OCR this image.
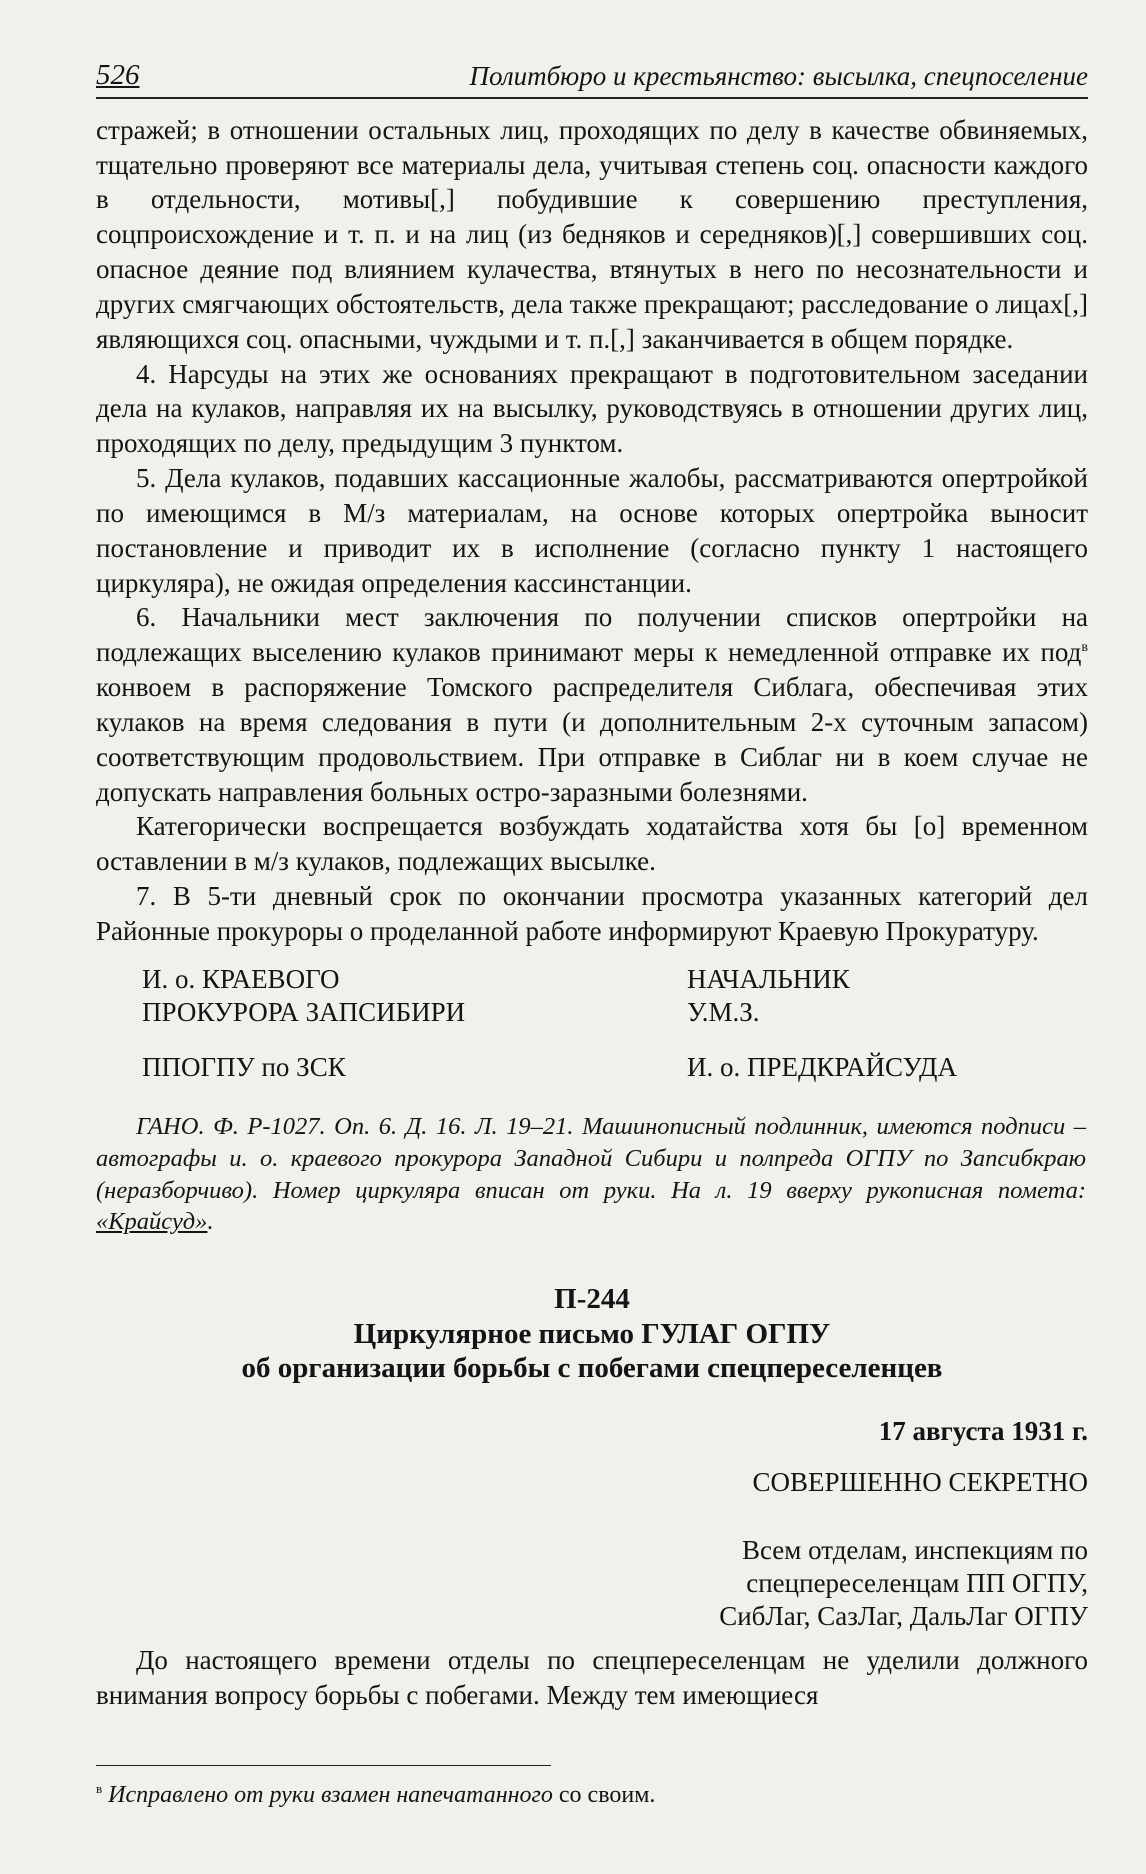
526	Политбюро и крестьянство: высылка, спецпоселение

стражей; в отношении остальных лиц, проходящих по делу в качестве обвиняемых, тщательно проверяют все материалы дела, учитывая степень соц. опасности каждого в отдельности, мотивы[,] побудившие к совершению преступления, соцпроисхождение и т. п. и на лиц (из бедняков и середняков)[,] совершивших соц. опасное деяние под влиянием кулачества, втянутых в него по несознательности и других смягчающих обстоятельств, дела также прекращают; расследование о лицах[,] являющихся соц. опасными, чуждыми и т. п.[,] заканчивается в общем порядке.

4. Нарсуды на этих же основаниях прекращают в подготовительном заседании дела на кулаков, направляя их на высылку, руководствуясь в отношении других лиц, проходящих по делу, предыдущим 3 пунктом.

5. Дела кулаков, подавших кассационные жалобы, рассматриваются опертройкой по имеющимся в М/з материалам, на основе которых опертройка выносит постановление и приводит их в исполнение (согласно пункту 1 настоящего циркуляра), не ожидая определения кассинстанции.

6. Начальники мест заключения по получении списков опертройки на подлежащих выселению кулаков принимают меры к немедленной отправке их под$^в$ конвоем в распоряжение Томского распределителя Сиблага, обеспечивая этих кулаков на время следования в пути (и дополнительным 2-х суточным запасом) соответствующим продовольствием. При отправке в Сиблаг ни в коем случае не допускать направления больных остро-заразными болезнями.

Категорически воспрещается возбуждать ходатайства хотя бы [о] временном оставлении в м/з кулаков, подлежащих высылке.

7. В 5-ти дневный срок по окончании просмотра указанных категорий дел Районные прокуроры о проделанной работе информируют Краевую Прокуратуру.

И. о. КРАЕВОГО	НАЧАЛЬНИК
ПРОКУРОРА ЗАПСИБИРИ	У.М.З.
ППОГПУ по ЗСК	И. о. ПРЕДКРАЙСУДА
ГАНО. Ф. Р-1027. Оп. 6. Д. 16. Л. 19–21. Машинописный подлинник, имеются подписи – автографы и. о. краевого прокурора Западной Сибири и полпреда ОГПУ по Запсибкраю (неразборчиво). Номер циркуляра вписан от руки. На л. 19 вверху рукописная помета: «Крайсуд».
П-244
Циркулярное письмо ГУЛАГ ОГПУ
об организации борьбы с побегами спецпереселенцев
17 августа 1931 г.
СОВЕРШЕННО СЕКРЕТНО
Всем отделам, инспекциям по
спецпереселенцам ПП ОГПУ,
СибЛаг, СазЛаг, ДальЛаг ОГПУ

До настоящего времени отделы по спецпереселенцам не уделили должного внимания вопросу борьбы с побегами. Между тем имеющиеся

$^в$ Исправлено от руки взамен напечатанного со своим.
